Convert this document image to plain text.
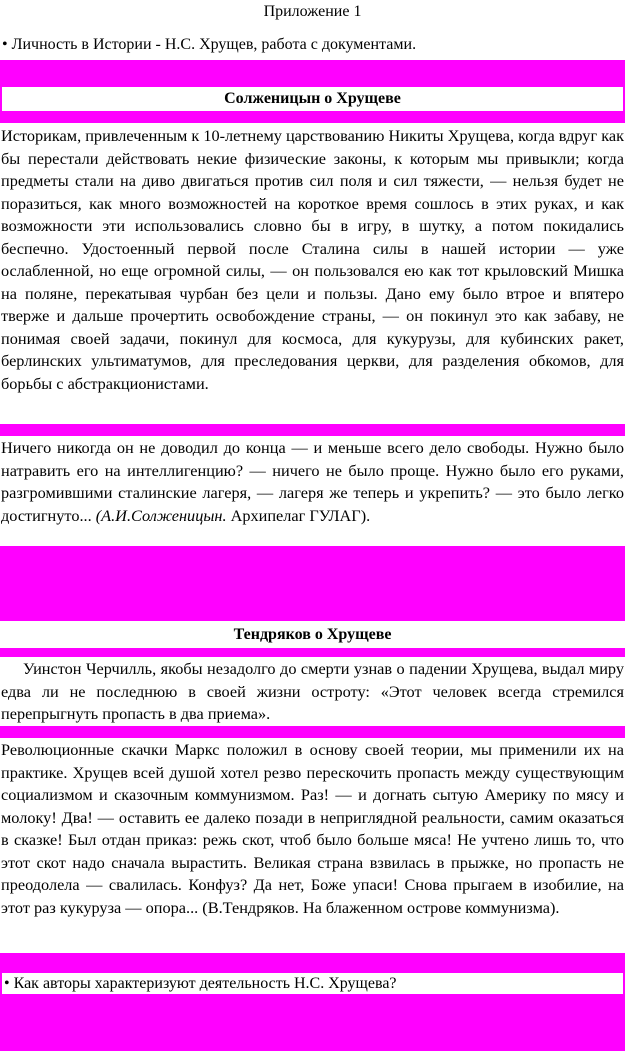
Приложение 1
• Личность в Истории - Н.С. Хрущев, работа с документами.
Солженицын о Хрущеве
Историкам, привлеченным к 10-летнему царствованию Никиты Хрущева, когда вдруг как бы перестали действовать некие физические законы, к которым мы привыкли; когда предметы стали на диво двигаться против сил поля и сил тяжести, — нельзя будет не поразиться, как много возможностей на короткое время сошлось в этих руках, и как возможности эти использовались словно бы в игру, в шутку, а потом покидались беспечно. Удостоенный первой после Сталина силы в нашей истории — уже ослабленной, но еще огромной силы, — он пользовался ею как тот крыловский Мишка на поляне, перекатывая чурбан без цели и пользы. Дано ему было втрое и впятеро тверже и дальше прочертить освобождение страны, — он покинул это как забаву, не понимая своей задачи, покинул для космоса, для кукурузы, для кубинских ракет, берлинских ультиматумов, для преследования церкви, для разделения обкомов, для борьбы с абстракционистами.
Ничего никогда он не доводил до конца — и меньше всего дело свободы. Нужно было натравить его на интеллигенцию? — ничего не было проще. Нужно было его руками, разгромившими сталинские лагеря, — лагеря же теперь и укрепить? — это было легко достигнуто... (А.И.Солженицын. Архипелаг ГУЛАГ).
Тендряков о Хрущеве
Уинстон Черчилль, якобы незадолго до смерти узнав о падении Хрущева, выдал миру едва ли не последнюю в своей жизни остроту: «Этот человек всегда стремился перепрыгнуть пропасть в два приема».
Революционные скачки Маркс положил в основу своей теории, мы применили их на практике. Хрущев всей душой хотел резво перескочить пропасть между существующим социализмом и сказочным коммунизмом. Раз! — и догнать сытую Америку по мясу и молоку! Два! — оставить ее далеко позади в неприглядной реальности, самим оказаться в сказке! Был отдан приказ: режь скот, чтоб было больше мяса! Не учтено лишь то, что этот скот надо сначала вырастить. Великая страна взвилась в прыжке, но пропасть не преодолела — свалилась. Конфуз? Да нет, Боже упаси! Снова прыгаем в изобилие, на этот раз кукуруза — опора... (В.Тендряков. На блаженном острове коммунизма).
• Как авторы характеризуют деятельность Н.С. Хрущева?
